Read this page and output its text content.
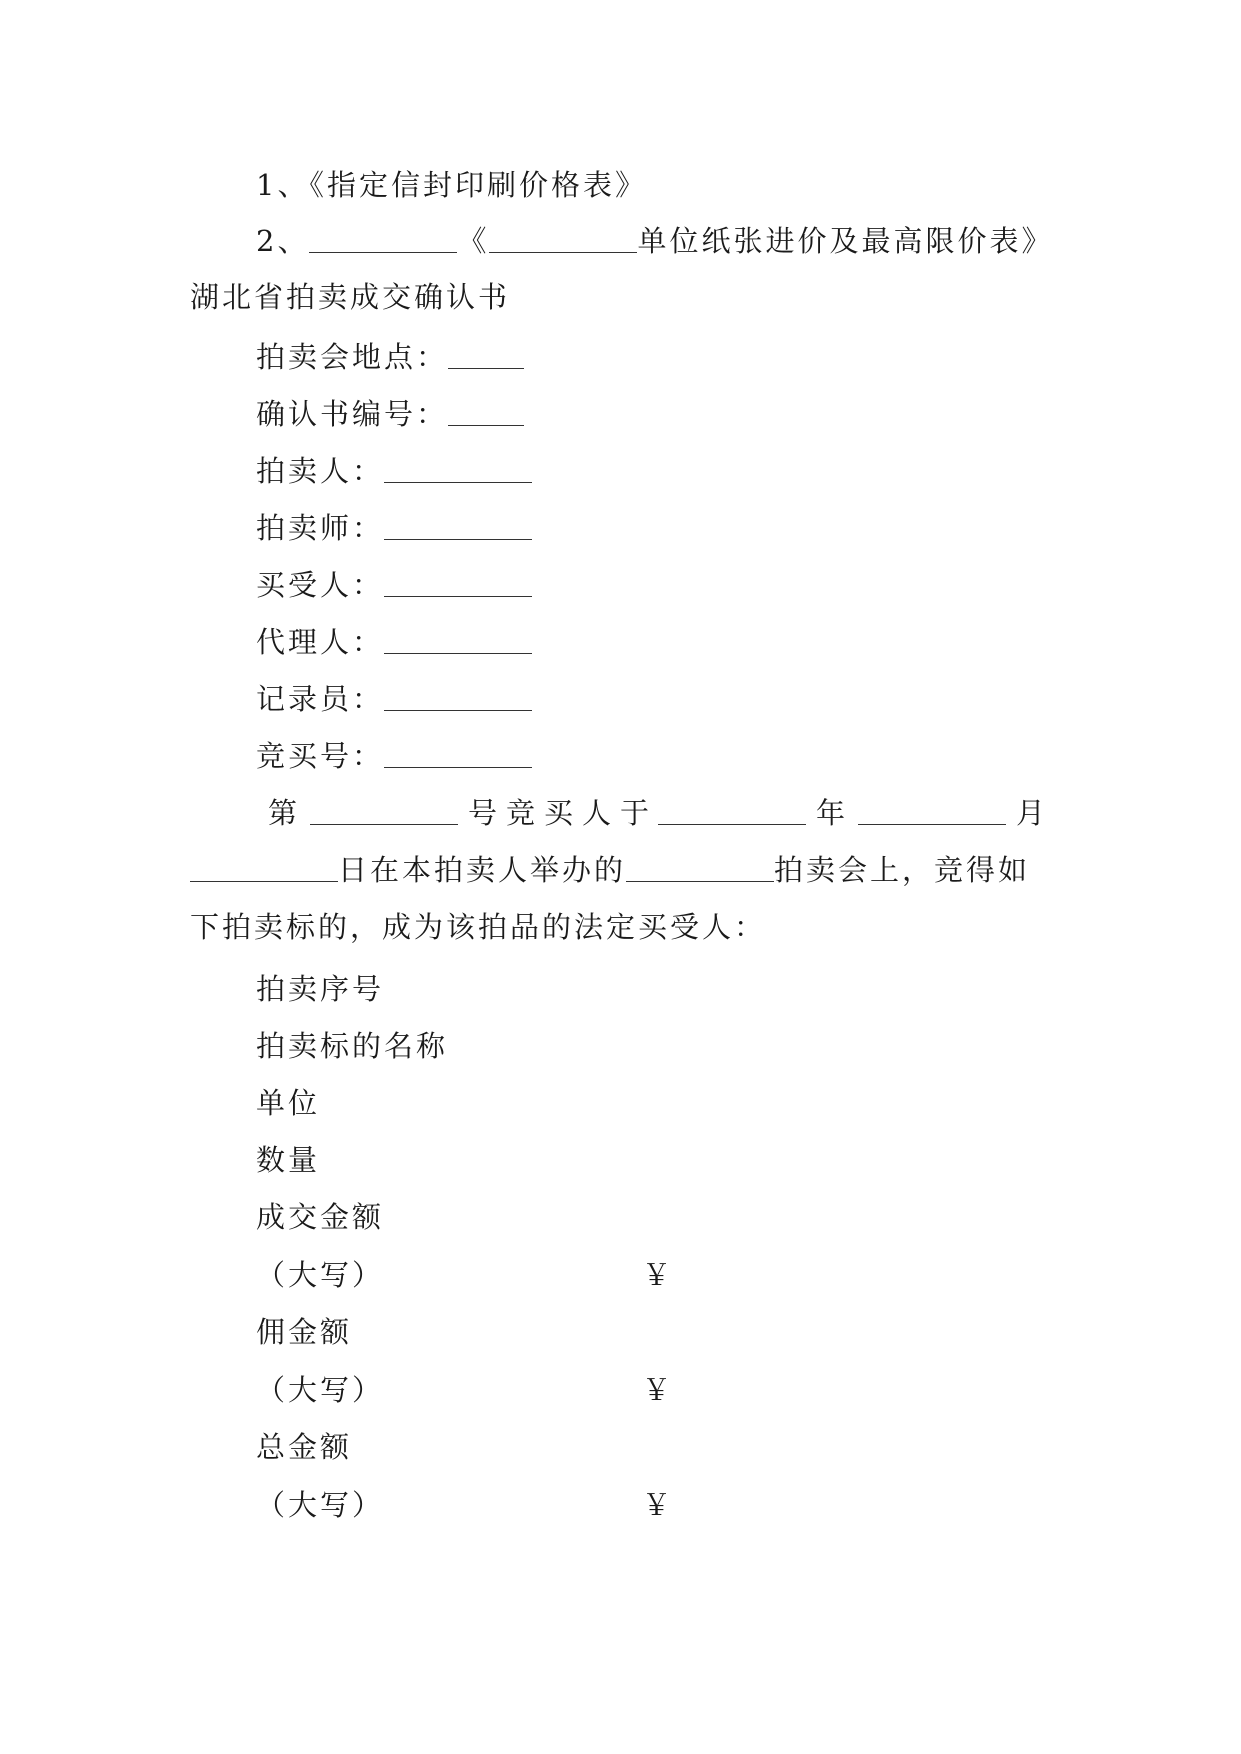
1、《指定信封印刷价格表》
2、	《	单位纸张进价及最高限价表》
湖北省拍卖成交确认书
拍卖会地点：
确认书编号：
拍卖人：
拍卖师：
买受人：
代理人：
记录员：
竞买号：
第	号竞买人于	年	月
日在本拍卖人举办的	拍卖会上，竞得如
下拍卖标的，成为该拍品的法定买受人：
拍卖序号
拍卖标的名称
单位
数量
成交金额
（大写）	￥
佣金额
（大写）	￥
总金额
（大写）	￥
